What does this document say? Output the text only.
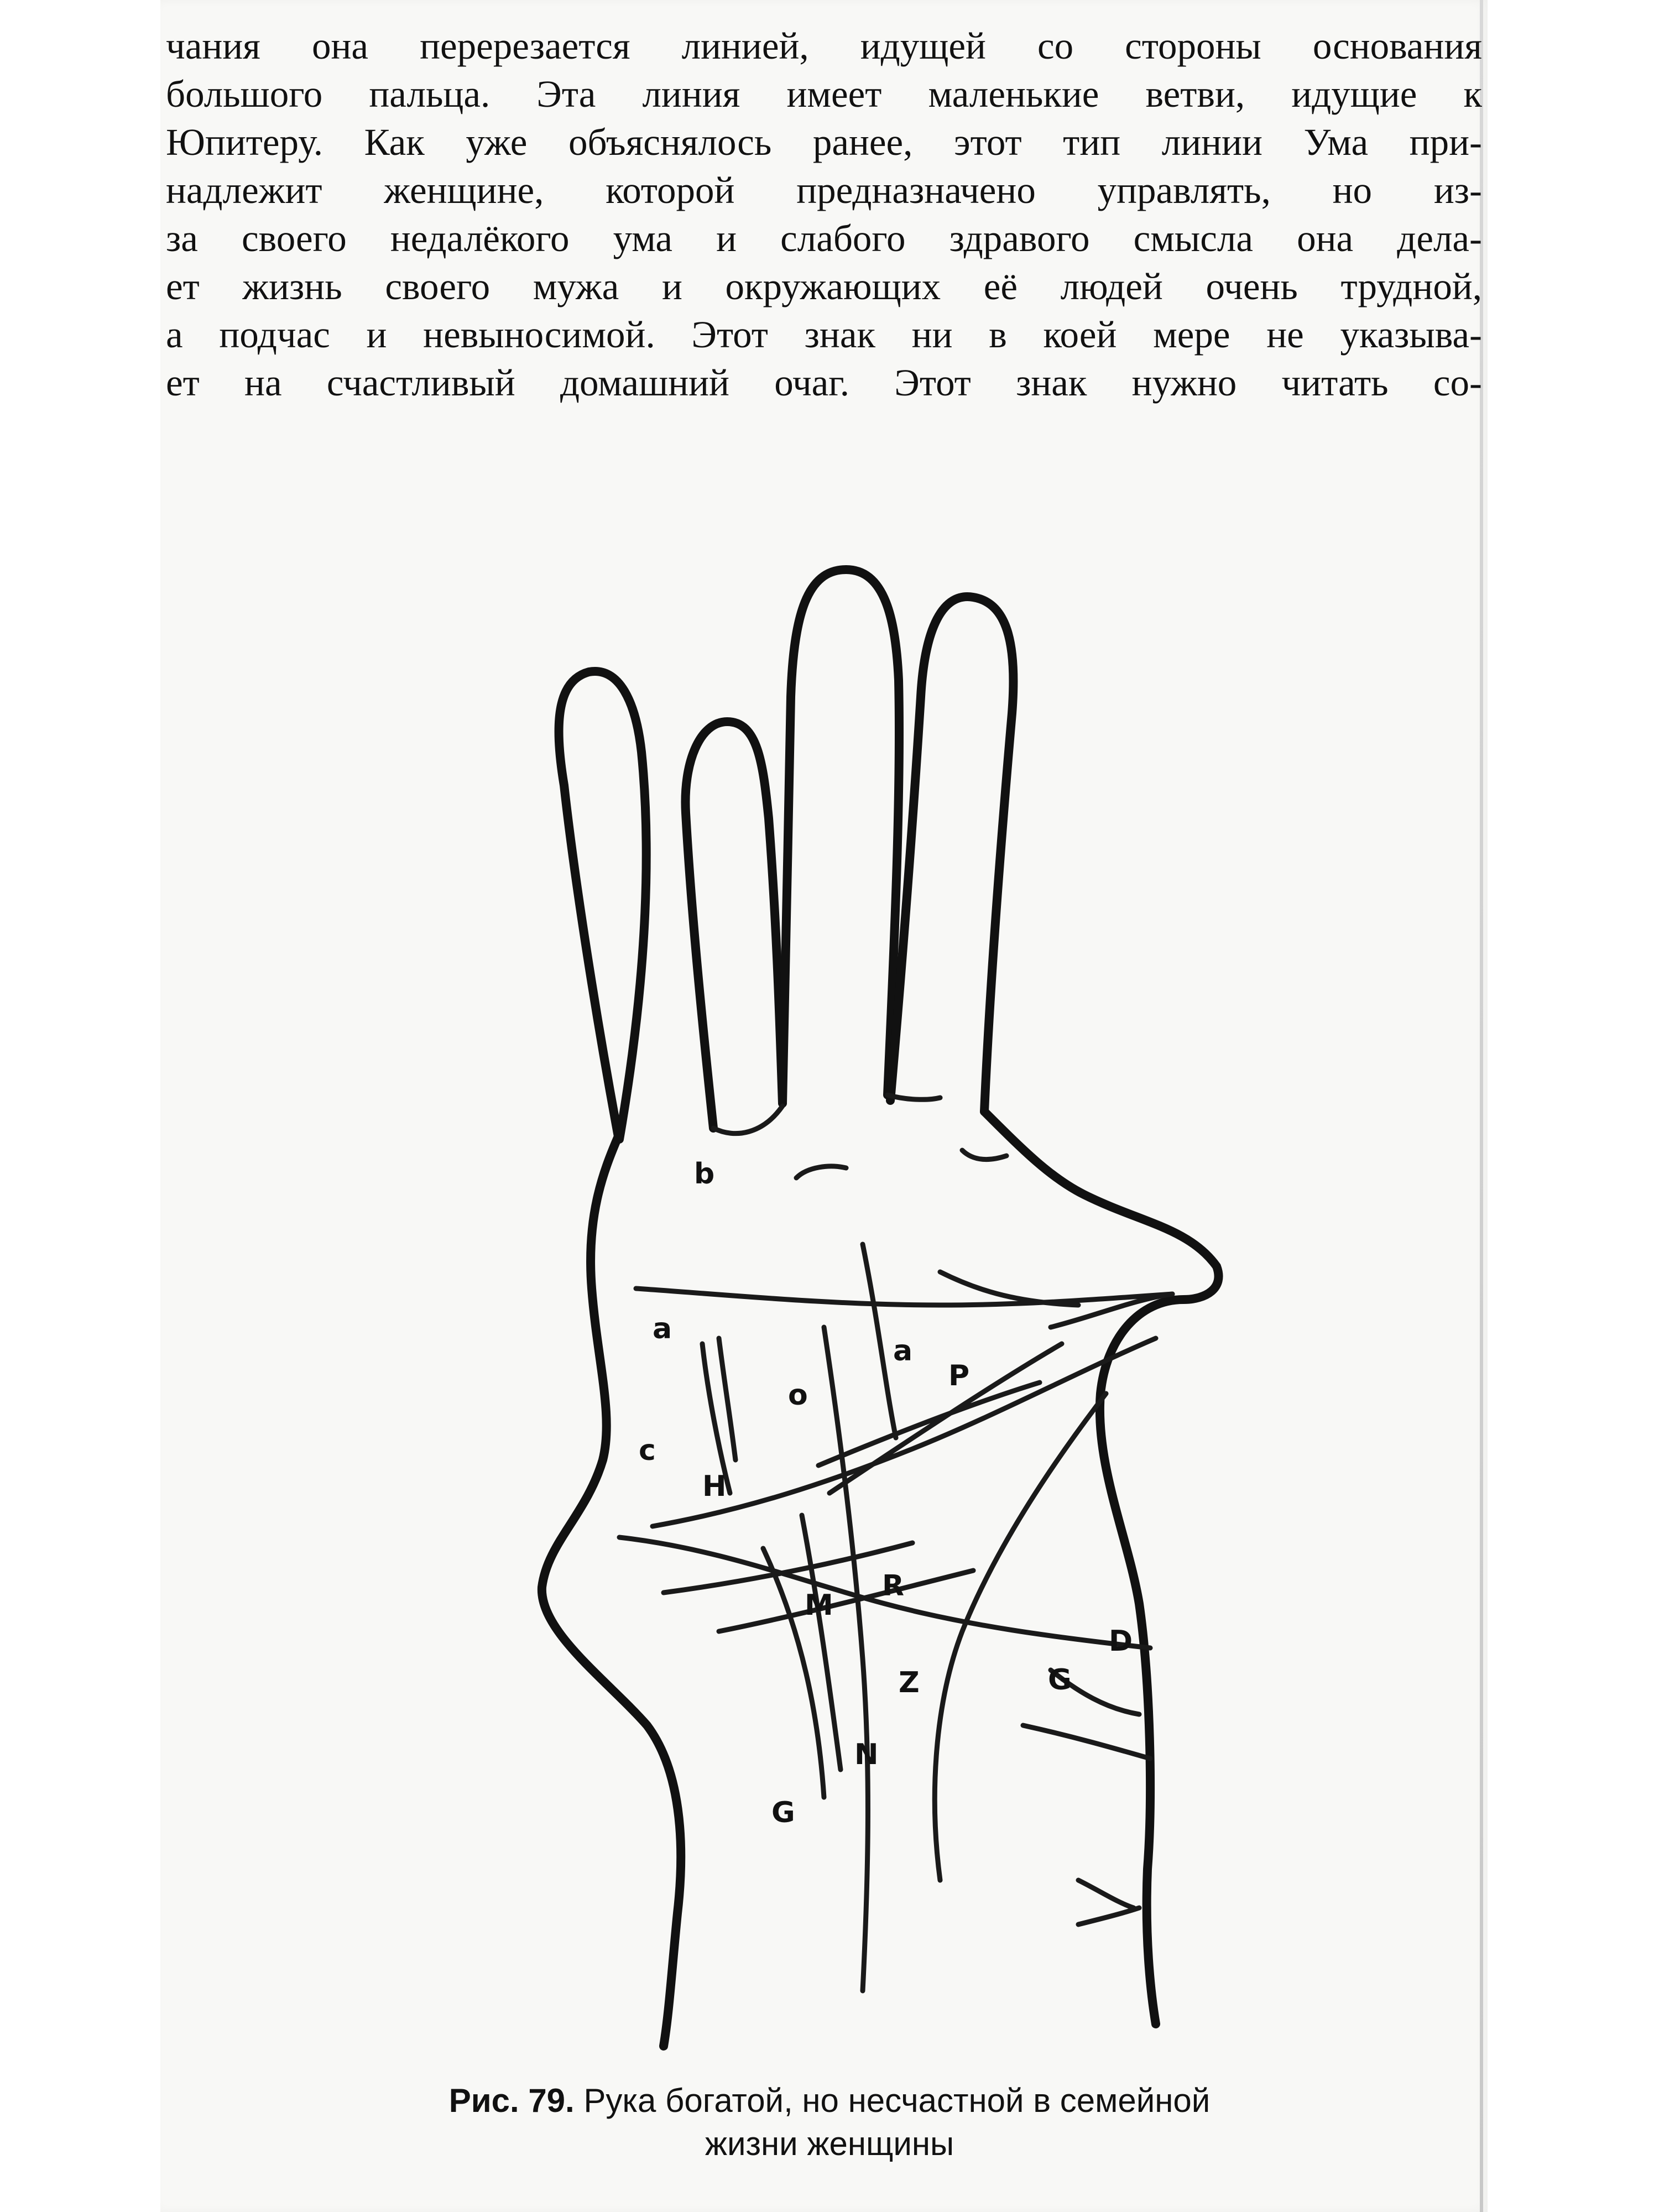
чания она перерезается линией, идущей со стороны основания
большого пальца. Эта линия имеет маленькие ветви, идущие к
Юпитеру. Как уже объяснялось ранее, этот тип линии Ума при-
надлежит женщине, которой предназначено управлять, но из-
за своего недалёкого ума и слабого здравого смысла она дела-
ет жизнь своего мужа и окружающих её людей очень трудной,
а подчас и невыносимой. Этот знак ни в коей мере не указыва-
ет на счастливый домашний очаг. Этот знак нужно читать со-
b
a
a
P
o
c
H
M
R
D
G
Z
N
G

Рис. 79. Рука богатой, но несчастной в семейной
жизни женщины
